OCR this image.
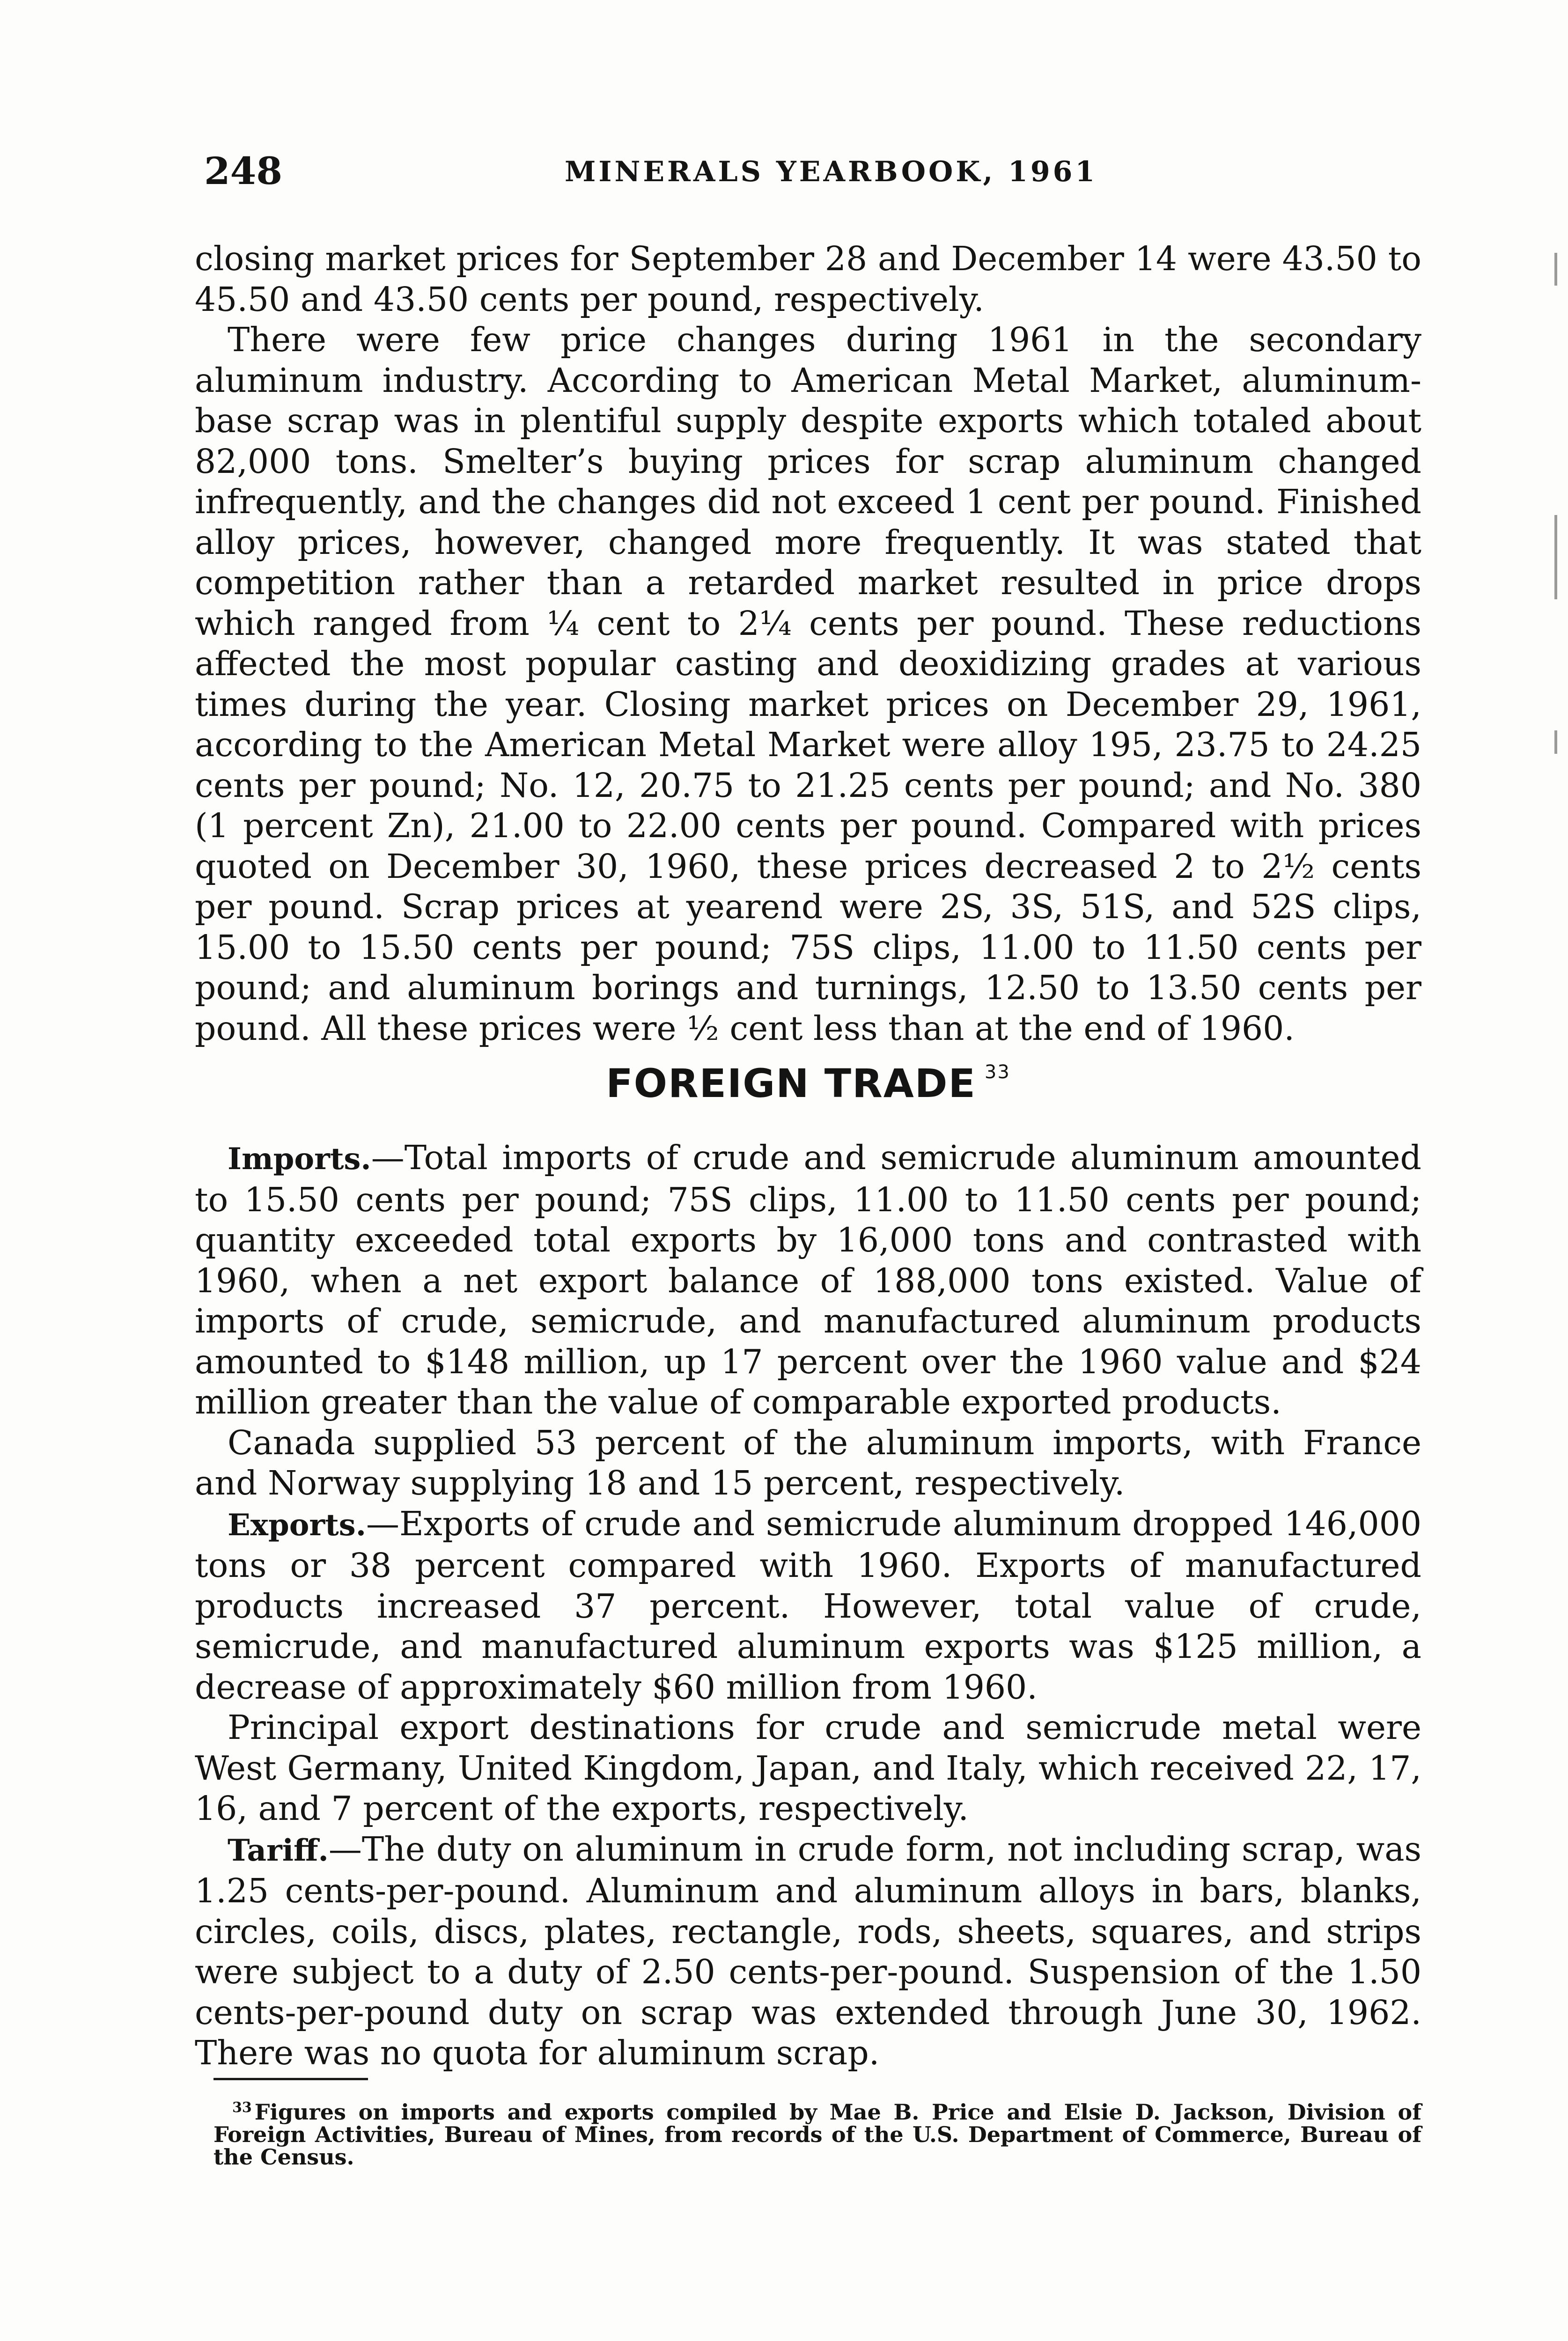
248	MINERALS YEARBOOK, 1961

closing market prices for September 28 and December 14 were 43.50 to 45.50 and 43.50 cents per pound, respectively.

There were few price changes during 1961 in the secondary aluminum industry. According to American Metal Market, aluminum-base scrap was in plentiful supply despite exports which totaled about 82,000 tons. Smelter’s buying prices for scrap aluminum changed infrequently, and the changes did not exceed 1 cent per pound. Finished alloy prices, however, changed more frequently. It was stated that competition rather than a retarded market resulted in price drops which ranged from ¼ cent to 2¼ cents per pound. These reductions affected the most popular casting and deoxidizing grades at various times during the year. Closing market prices on December 29, 1961, according to the American Metal Market were alloy 195, 23.75 to 24.25 cents per pound; No. 12, 20.75 to 21.25 cents per pound; and No. 380 (1 percent Zn), 21.00 to 22.00 cents per pound. Compared with prices quoted on December 30, 1960, these prices decreased 2 to 2½ cents per pound. Scrap prices at yearend were 2S, 3S, 51S, and 52S clips, 15.00 to 15.50 cents per pound; 75S clips, 11.00 to 11.50 cents per pound; and aluminum borings and turnings, 12.50 to 13.50 cents per pound. All these prices were ½ cent less than at the end of 1960.

FOREIGN TRADE $^{33}$

Imports.—Total imports of crude and semicrude aluminum amounted to 15.50 cents per pound; 75S clips, 11.00 to 11.50 cents per pound; quantity exceeded total exports by 16,000 tons and contrasted with 1960, when a net export balance of 188,000 tons existed. Value of imports of crude, semicrude, and manufactured aluminum products amounted to $148 million, up 17 percent over the 1960 value and $24 million greater than the value of comparable exported products.

Canada supplied 53 percent of the aluminum imports, with France and Norway supplying 18 and 15 percent, respectively.

Exports.—Exports of crude and semicrude aluminum dropped 146,000 tons or 38 percent compared with 1960. Exports of manufactured products increased 37 percent. However, total value of crude, semicrude, and manufactured aluminum exports was $125 million, a decrease of approximately $60 million from 1960.

Principal export destinations for crude and semicrude metal were West Germany, United Kingdom, Japan, and Italy, which received 22, 17, 16, and 7 percent of the exports, respectively.

Tariff.—The duty on aluminum in crude form, not including scrap, was 1.25 cents-per-pound. Aluminum and aluminum alloys in bars, blanks, circles, coils, discs, plates, rectangle, rods, sheets, squares, and strips were subject to a duty of 2.50 cents-per-pound. Suspension of the 1.50 cents-per-pound duty on scrap was extended through June 30, 1962. There was no quota for aluminum scrap.

$^{33}$ Figures on imports and exports compiled by Mae B. Price and Elsie D. Jackson, Division of Foreign Activities, Bureau of Mines, from records of the U.S. Department of Commerce, Bureau of the Census.
